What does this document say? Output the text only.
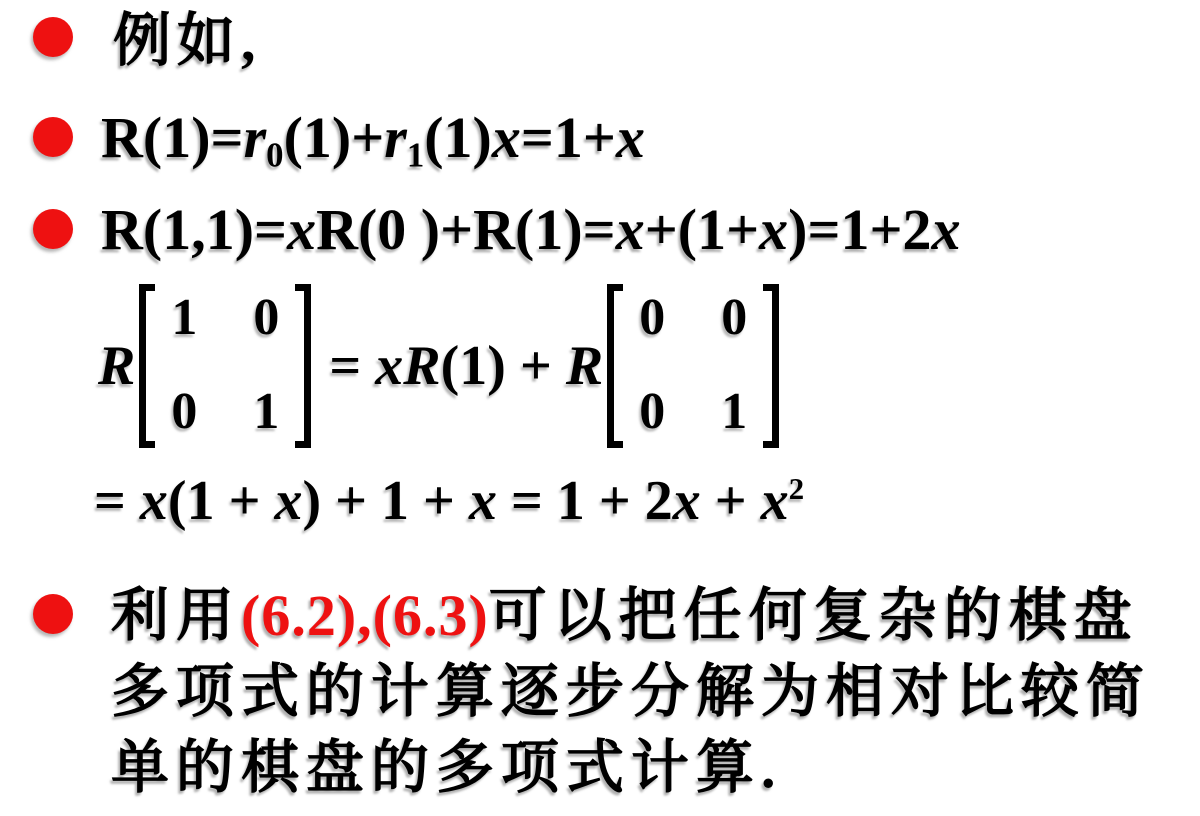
例如,
$R(1)=r_0(1)+r_1(1)x=1+x$
R(1,1)=xR(0 )+R(1)=x+(1+x)=1+2x
R
1 0
0 1
= xR(1) + R
0 0
0 1
= $x(1 + x) + 1 + x = 1 + 2x + x^2$
利用(6.2),(6.3)可以把任何复杂的棋盘多项式的计算逐步分解为相对比较简单的棋盘的多项式计算.
